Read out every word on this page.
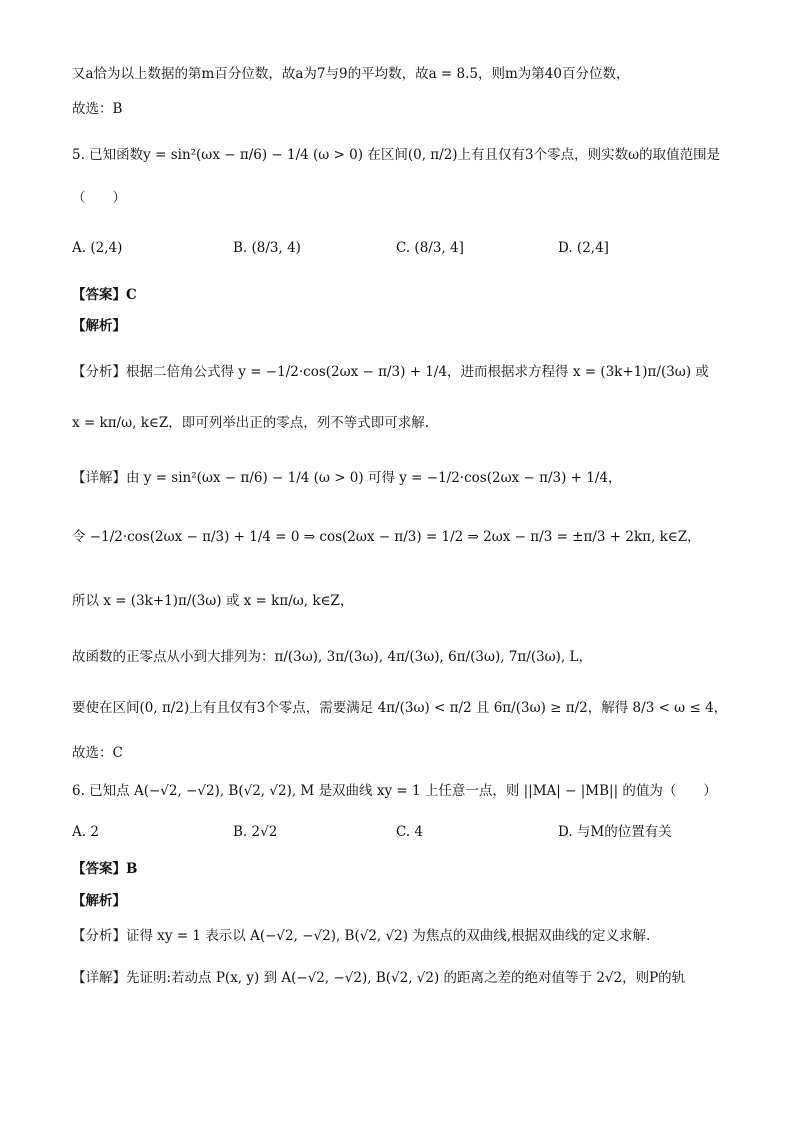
又a恰为以上数据的第m百分位数，故a为7与9的平均数，故a = 8.5，则m为第40百分位数，
故选：B
5. 已知函数y = sin²(ωx − π/6) − 1/4 (ω > 0) 在区间(0, π/2)上有且仅有3个零点，则实数ω的取值范围是
（　　）
A. (2,4)	B. (8/3, 4)	C. (8/3, 4]	D. (2,4]
【答案】C
【解析】
【分析】根据二倍角公式得 y = −1/2·cos(2ωx − π/3) + 1/4，进而根据求方程得 x = (3k+1)π/(3ω) 或
x = kπ/ω, k∈Z，即可列举出正的零点，列不等式即可求解.
【详解】由 y = sin²(ωx − π/6) − 1/4 (ω > 0) 可得 y = −1/2·cos(2ωx − π/3) + 1/4，
令 −1/2·cos(2ωx − π/3) + 1/4 = 0 ⇒ cos(2ωx − π/3) = 1/2 ⇒ 2ωx − π/3 = ±π/3 + 2kπ, k∈Z，
所以 x = (3k+1)π/(3ω) 或 x = kπ/ω, k∈Z，
故函数的正零点从小到大排列为：π/(3ω), 3π/(3ω), 4π/(3ω), 6π/(3ω), 7π/(3ω), L，
要使在区间(0, π/2)上有且仅有3个零点，需要满足 4π/(3ω) < π/2 且 6π/(3ω) ≥ π/2，解得 8/3 < ω ≤ 4，
故选：C
6. 已知点 A(−√2, −√2), B(√2, √2), M 是双曲线 xy = 1 上任意一点，则 ||MA| − |MB|| 的值为（　　）
A. 2	B. 2√2	C. 4	D. 与M的位置有关
【答案】B
【解析】
【分析】证得 xy = 1 表示以 A(−√2, −√2), B(√2, √2) 为焦点的双曲线,根据双曲线的定义求解.
【详解】先证明:若动点 P(x, y) 到 A(−√2, −√2), B(√2, √2) 的距离之差的绝对值等于 2√2，则P的轨
